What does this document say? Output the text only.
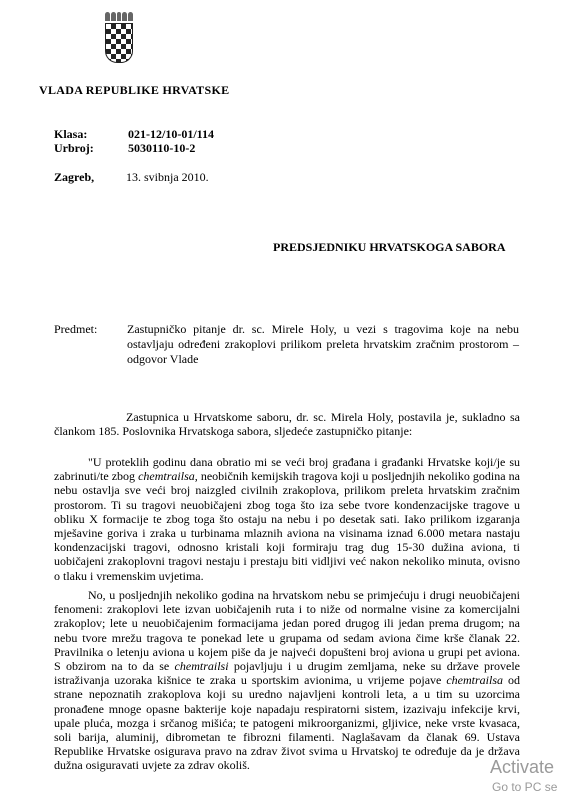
VLADA REPUBLIKE HRVATSKE
Klasa:	021-12/10-01/114
Urbroj:	5030110-10-2
Zagreb,	13. svibnja 2010.
PREDSJEDNIKU HRVATSKOGA SABORA
Predmet: Zastupničko pitanje dr. sc. Mirele Holy, u vezi s tragovima koje na nebu ostavljaju određeni zrakoplovi prilikom preleta hrvatskim zračnim prostorom – odgovor Vlade
Zastupnica u Hrvatskome saboru, dr. sc. Mirela Holy, postavila je, sukladno sa člankom 185. Poslovnika Hrvatskoga sabora, sljedeće zastupničko pitanje:
"U proteklih godinu dana obratio mi se veći broj građana i građanki Hrvatske koji/je su zabrinuti/te zbog chemtrailsa, neobičnih kemijskih tragova koji u posljednjih nekoliko godina na nebu ostavlja sve veći broj naizgled civilnih zrakoplova, prilikom preleta hrvatskim zračnim prostorom. Ti su tragovi neuobičajeni zbog toga što iza sebe tvore kondenzacijske tragove u obliku X formacije te zbog toga što ostaju na nebu i po desetak sati. Iako prilikom izgaranja mješavine goriva i zraka u turbinama mlaznih aviona na visinama iznad 6.000 metara nastaju kondenzacijski tragovi, odnosno kristali koji formiraju trag dug 15-30 dužina aviona, ti uobičajeni zrakoplovni tragovi nestaju i prestaju biti vidljivi već nakon nekoliko minuta, ovisno o tlaku i vremenskim uvjetima.
No, u posljednjih nekoliko godina na hrvatskom nebu se primjećuju i drugi neuobičajeni fenomeni: zrakoplovi lete izvan uobičajenih ruta i to niže od normalne visine za komercijalni zrakoplov; lete u neuobičajenim formacijama jedan pored drugog ili jedan prema drugom; na nebu tvore mrežu tragova te ponekad lete u grupama od sedam aviona čime krše članak 22. Pravilnika o letenju aviona u kojem piše da je najveći dopušteni broj aviona u grupi pet aviona. S obzirom na to da se chemtrailsi pojavljuju i u drugim zemljama, neke su države provele istraživanja uzoraka kišnice te zraka u sportskim avionima, u vrijeme pojave chemtrailsa od strane nepoznatih zrakoplova koji su uredno najavljeni kontroli leta, a u tim su uzorcima pronađene mnoge opasne bakterije koje napadaju respiratorni sistem, izazivaju infekcije krvi, upale pluća, mozga i srčanog mišića; te patogeni mikroorganizmi, gljivice, neke vrste kvasaca, soli barija, aluminij, dibrometan te fibrozni filamenti. Naglašavam da članak 69. Ustava Republike Hrvatske osigurava pravo na zdrav život svima u Hrvatskoj te određuje da je država dužna osiguravati uvjete za zdrav okoliš.	Activate
Go to PC se
